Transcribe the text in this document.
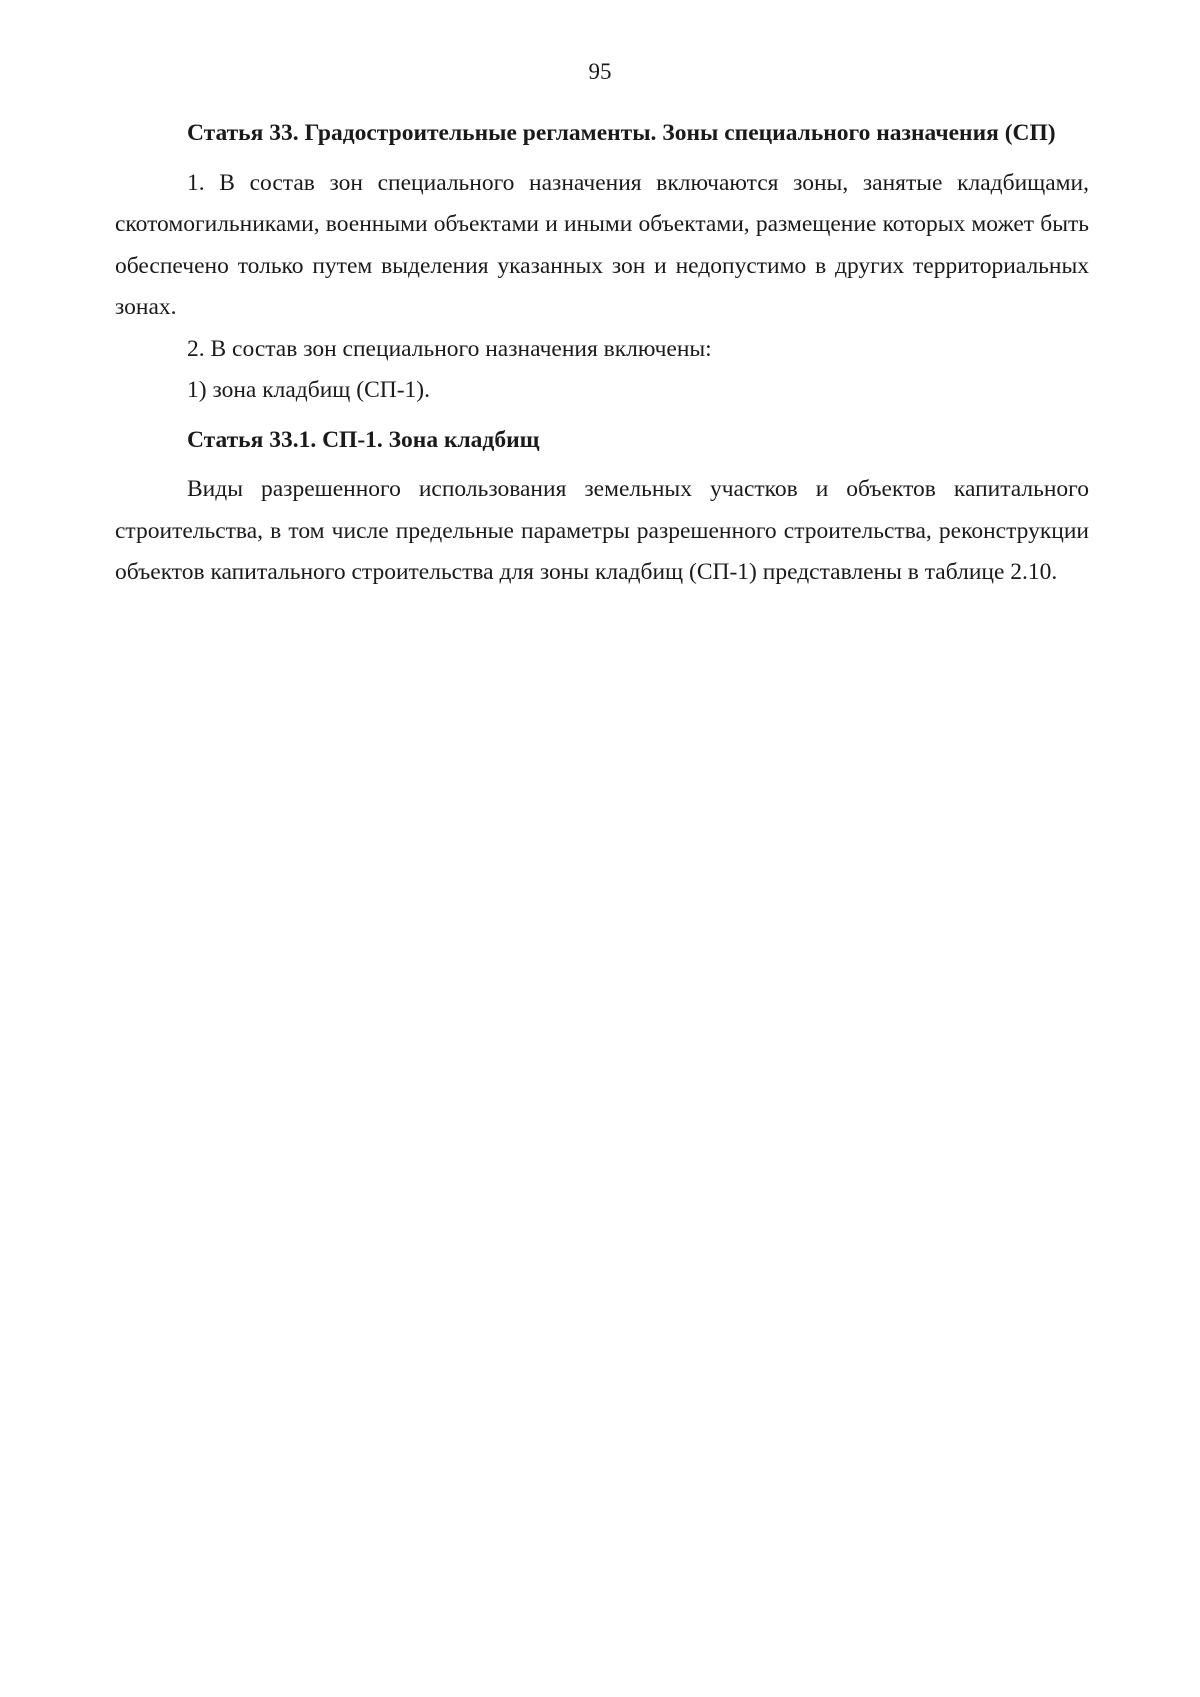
95

Статья 33. Градостроительные регламенты. Зоны специального назначения (СП)

1. В состав зон специального назначения включаются зоны, занятые кладбищами, скотомогильниками, военными объектами и иными объектами, размещение которых может быть обеспечено только путем выделения указанных зон и недопустимо в других территориальных зонах.

2. В состав зон специального назначения включены:

1) зона кладбищ (СП-1).

Статья 33.1. СП-1. Зона кладбищ

Виды разрешенного использования земельных участков и объектов капитального строительства, в том числе предельные параметры разрешенного строительства, реконструкции объектов капитального строительства для зоны кладбищ (СП-1) представлены в таблице 2.10.
